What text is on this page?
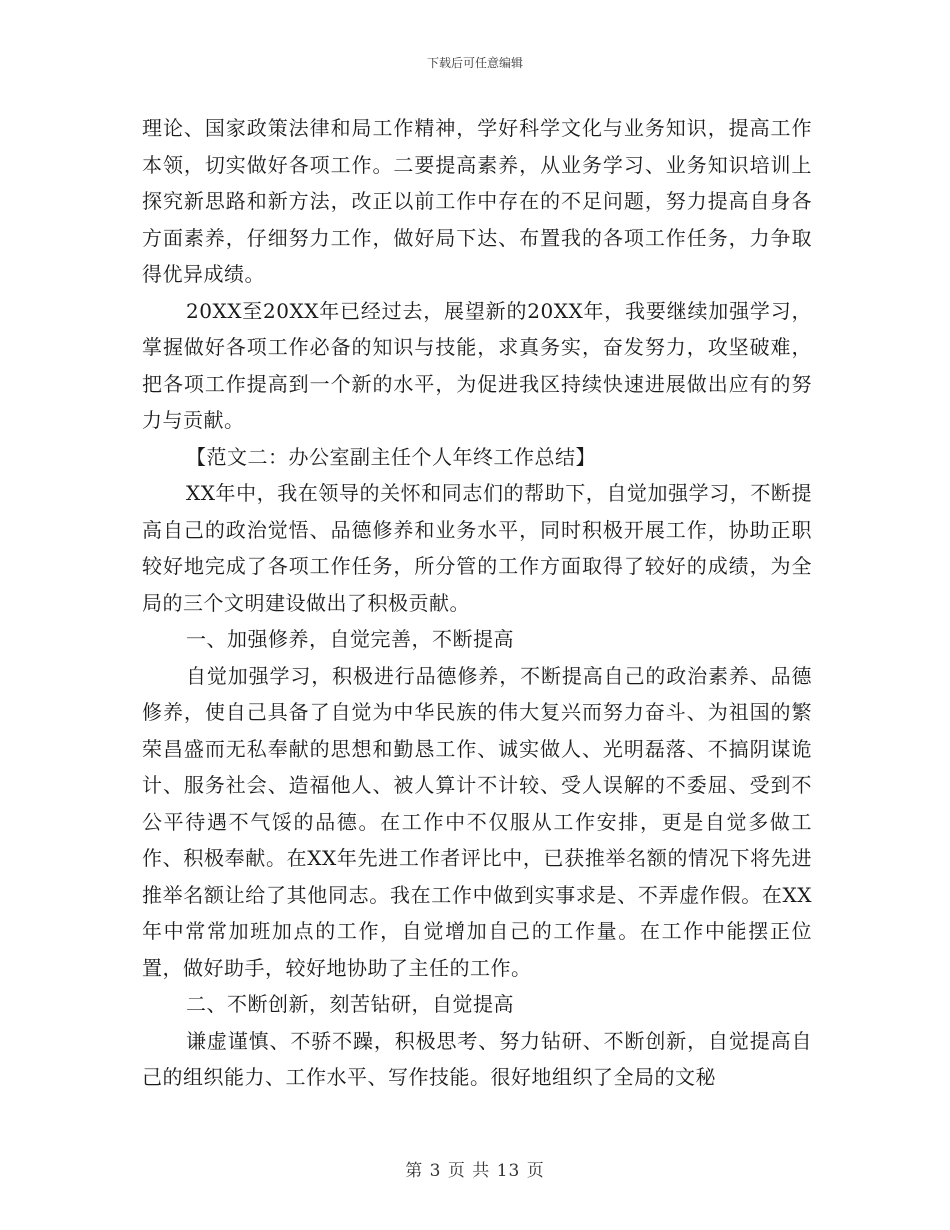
下载后可任意编辑

理论、国家政策法律和局工作精神，学好科学文化与业务知识，提高工作本领，切实做好各项工作。二要提高素养，从业务学习、业务知识培训上探究新思路和新方法，改正以前工作中存在的不足问题，努力提高自身各方面素养，仔细努力工作，做好局下达、布置我的各项工作任务，力争取得优异成绩。

20XX至20XX年已经过去，展望新的20XX年，我要继续加强学习，掌握做好各项工作必备的知识与技能，求真务实，奋发努力，攻坚破难，把各项工作提高到一个新的水平，为促进我区持续快速进展做出应有的努力与贡献。

【范文二：办公室副主任个人年终工作总结】

XX年中，我在领导的关怀和同志们的帮助下，自觉加强学习，不断提高自己的政治觉悟、品德修养和业务水平，同时积极开展工作，协助正职较好地完成了各项工作任务，所分管的工作方面取得了较好的成绩，为全局的三个文明建设做出了积极贡献。

一、加强修养，自觉完善，不断提高

自觉加强学习，积极进行品德修养，不断提高自己的政治素养、品德修养，使自己具备了自觉为中华民族的伟大复兴而努力奋斗、为祖国的繁荣昌盛而无私奉献的思想和勤恳工作、诚实做人、光明磊落、不搞阴谋诡计、服务社会、造福他人、被人算计不计较、受人误解的不委屈、受到不公平待遇不气馁的品德。在工作中不仅服从工作安排，更是自觉多做工作、积极奉献。在XX年先进工作者评比中，已获推举名额的情况下将先进推举名额让给了其他同志。我在工作中做到实事求是、不弄虚作假。在XX年中常常加班加点的工作，自觉增加自己的工作量。在工作中能摆正位置，做好助手，较好地协助了主任的工作。

二、不断创新，刻苦钻研，自觉提高

谦虚谨慎、不骄不躁，积极思考、努力钻研、不断创新，自觉提高自己的组织能力、工作水平、写作技能。很好地组织了全局的文秘

第 3 页 共 13 页
